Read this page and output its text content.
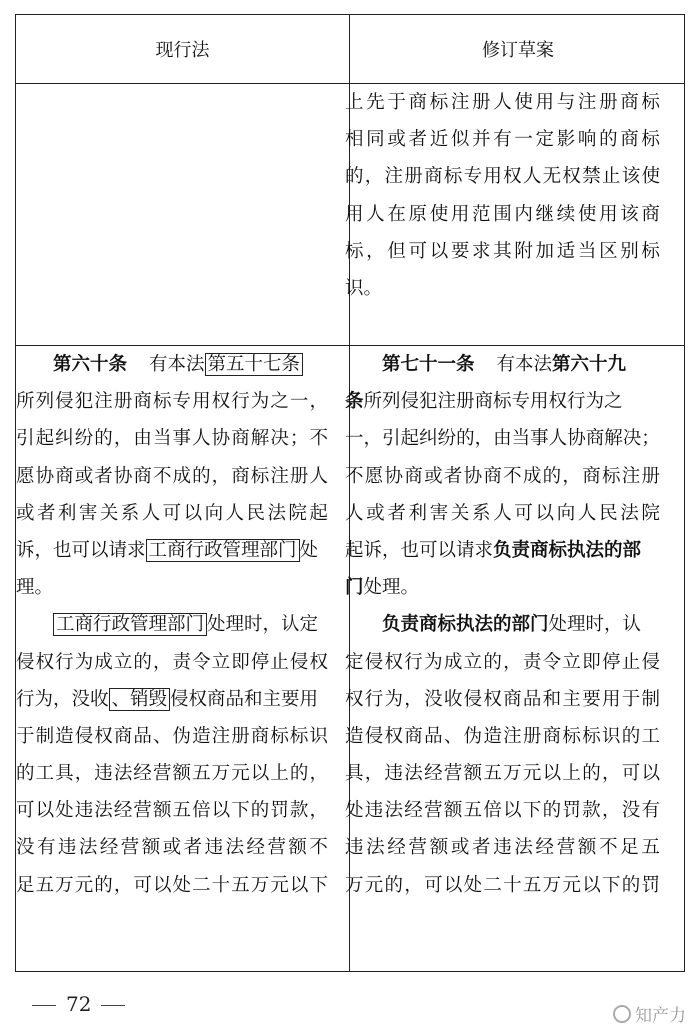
现行法	修订草案
上 先 于 商 标 注 册 人 使 用 与 注 册 商 标
相 同 或 者 近 似 并 有 一 定 影 响 的 商 标
的 ， 注 册 商 标 专 用 权 人 无 权 禁 止 该 使
用 人 在 原 使 用 范 围 内 继 续 使 用 该 商
标 ， 但 可 以 要 求 其 附 加 适 当 区 别 标
识。
第六十条 有本法 第五十七条
所 列 侵 犯 注 册 商 标 专 用 权 行 为 之 一 ，
引 起 纠 纷 的 ， 由 当 事 人 协 商 解 决 ； 不
愿 协 商 或 者 协 商 不 成 的 ， 商 标 注 册 人
或 者 利 害 关 系 人 可 以 向 人 民 法 院 起
诉，也可以请求 工商行政管理部门 处
理。
工商行政管理部门 处理时，认定
侵 权 行 为 成 立 的 ， 责 令 立 即 停 止 侵 权
行为，没收 、销毁 侵权商品和主要用
于 制 造 侵 权 商 品 、 伪 造 注 册 商 标 标 识
的 工 具 ， 违 法 经 营 额 五 万 元 以 上 的 ，
可 以 处 违 法 经 营 额 五 倍 以 下 的 罚 款 ，
没 有 违 法 经 营 额 或 者 违 法 经 营 额 不
足 五 万 元 的 ， 可 以 处 二 十 五 万 元 以 下
第七十一条 有本法第六十九
条所列侵犯注册商标专用权行为之
一 ， 引 起 纠 纷 的 ， 由 当 事 人 协 商 解 决 ；
不 愿 协 商 或 者 协 商 不 成 的 ， 商 标 注 册
人 或 者 利 害 关 系 人 可 以 向 人 民 法 院
起诉，也可以请求负责商标执法的部
门处理。
负责商标执法的部门处理时，认
定 侵 权 行 为 成 立 的 ， 责 令 立 即 停 止 侵
权 行 为 ， 没 收 侵 权 商 品 和 主 要 用 于 制
造 侵 权 商 品 、 伪 造 注 册 商 标 标 识 的 工
具 ， 违 法 经 营 额 五 万 元 以 上 的 ， 可 以
处 违 法 经 营 额 五 倍 以 下 的 罚 款 ， 没 有
违 法 经 营 额 或 者 违 法 经 营 额 不 足 五
万 元 的 ， 可 以 处 二 十 五 万 元 以 下 的 罚
72	知产力
